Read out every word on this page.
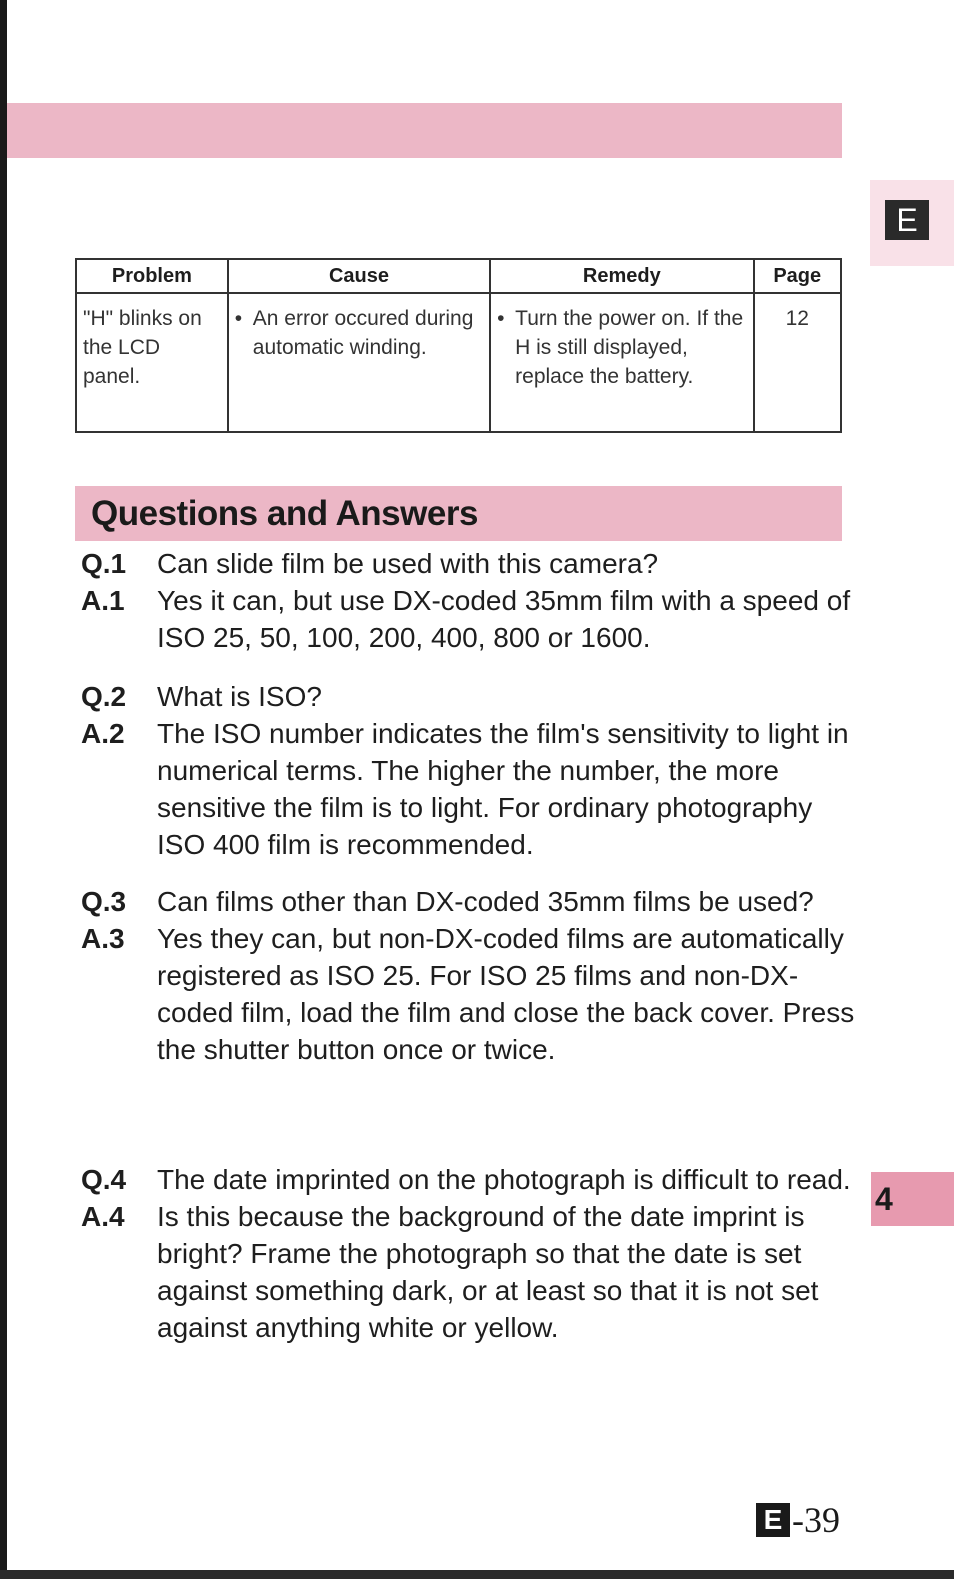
E
4
Problem	Cause	Remedy	Page
"H" blinks on the LCD panel.	• An error occured during automatic winding.	• Turn the power on. If the H is still displayed, replace the battery.	12
Questions and Answers
Q.1	Can slide film be used with this camera?
A.1	Yes it can, but use DX-coded 35mm film with a speed of ISO 25, 50, 100, 200, 400, 800 or 1600.
Q.2	What is ISO?
A.2	The ISO number indicates the film's sensitivity to light in numerical terms. The higher the number, the more sensitive the film is to light. For ordinary photography ISO 400 film is recommended.
Q.3	Can films other than DX-coded 35mm films be used?
A.3	Yes they can, but non-DX-coded films are automatically registered as ISO 25. For ISO 25 films and non-DX-coded film, load the film and close the back cover. Press the shutter button once or twice.
Q.4	The date imprinted on the photograph is difficult to read.
A.4	Is this because the background of the date imprint is bright? Frame the photograph so that the date is set against something dark, or at least so that it is not set against anything white or yellow.
E -39
